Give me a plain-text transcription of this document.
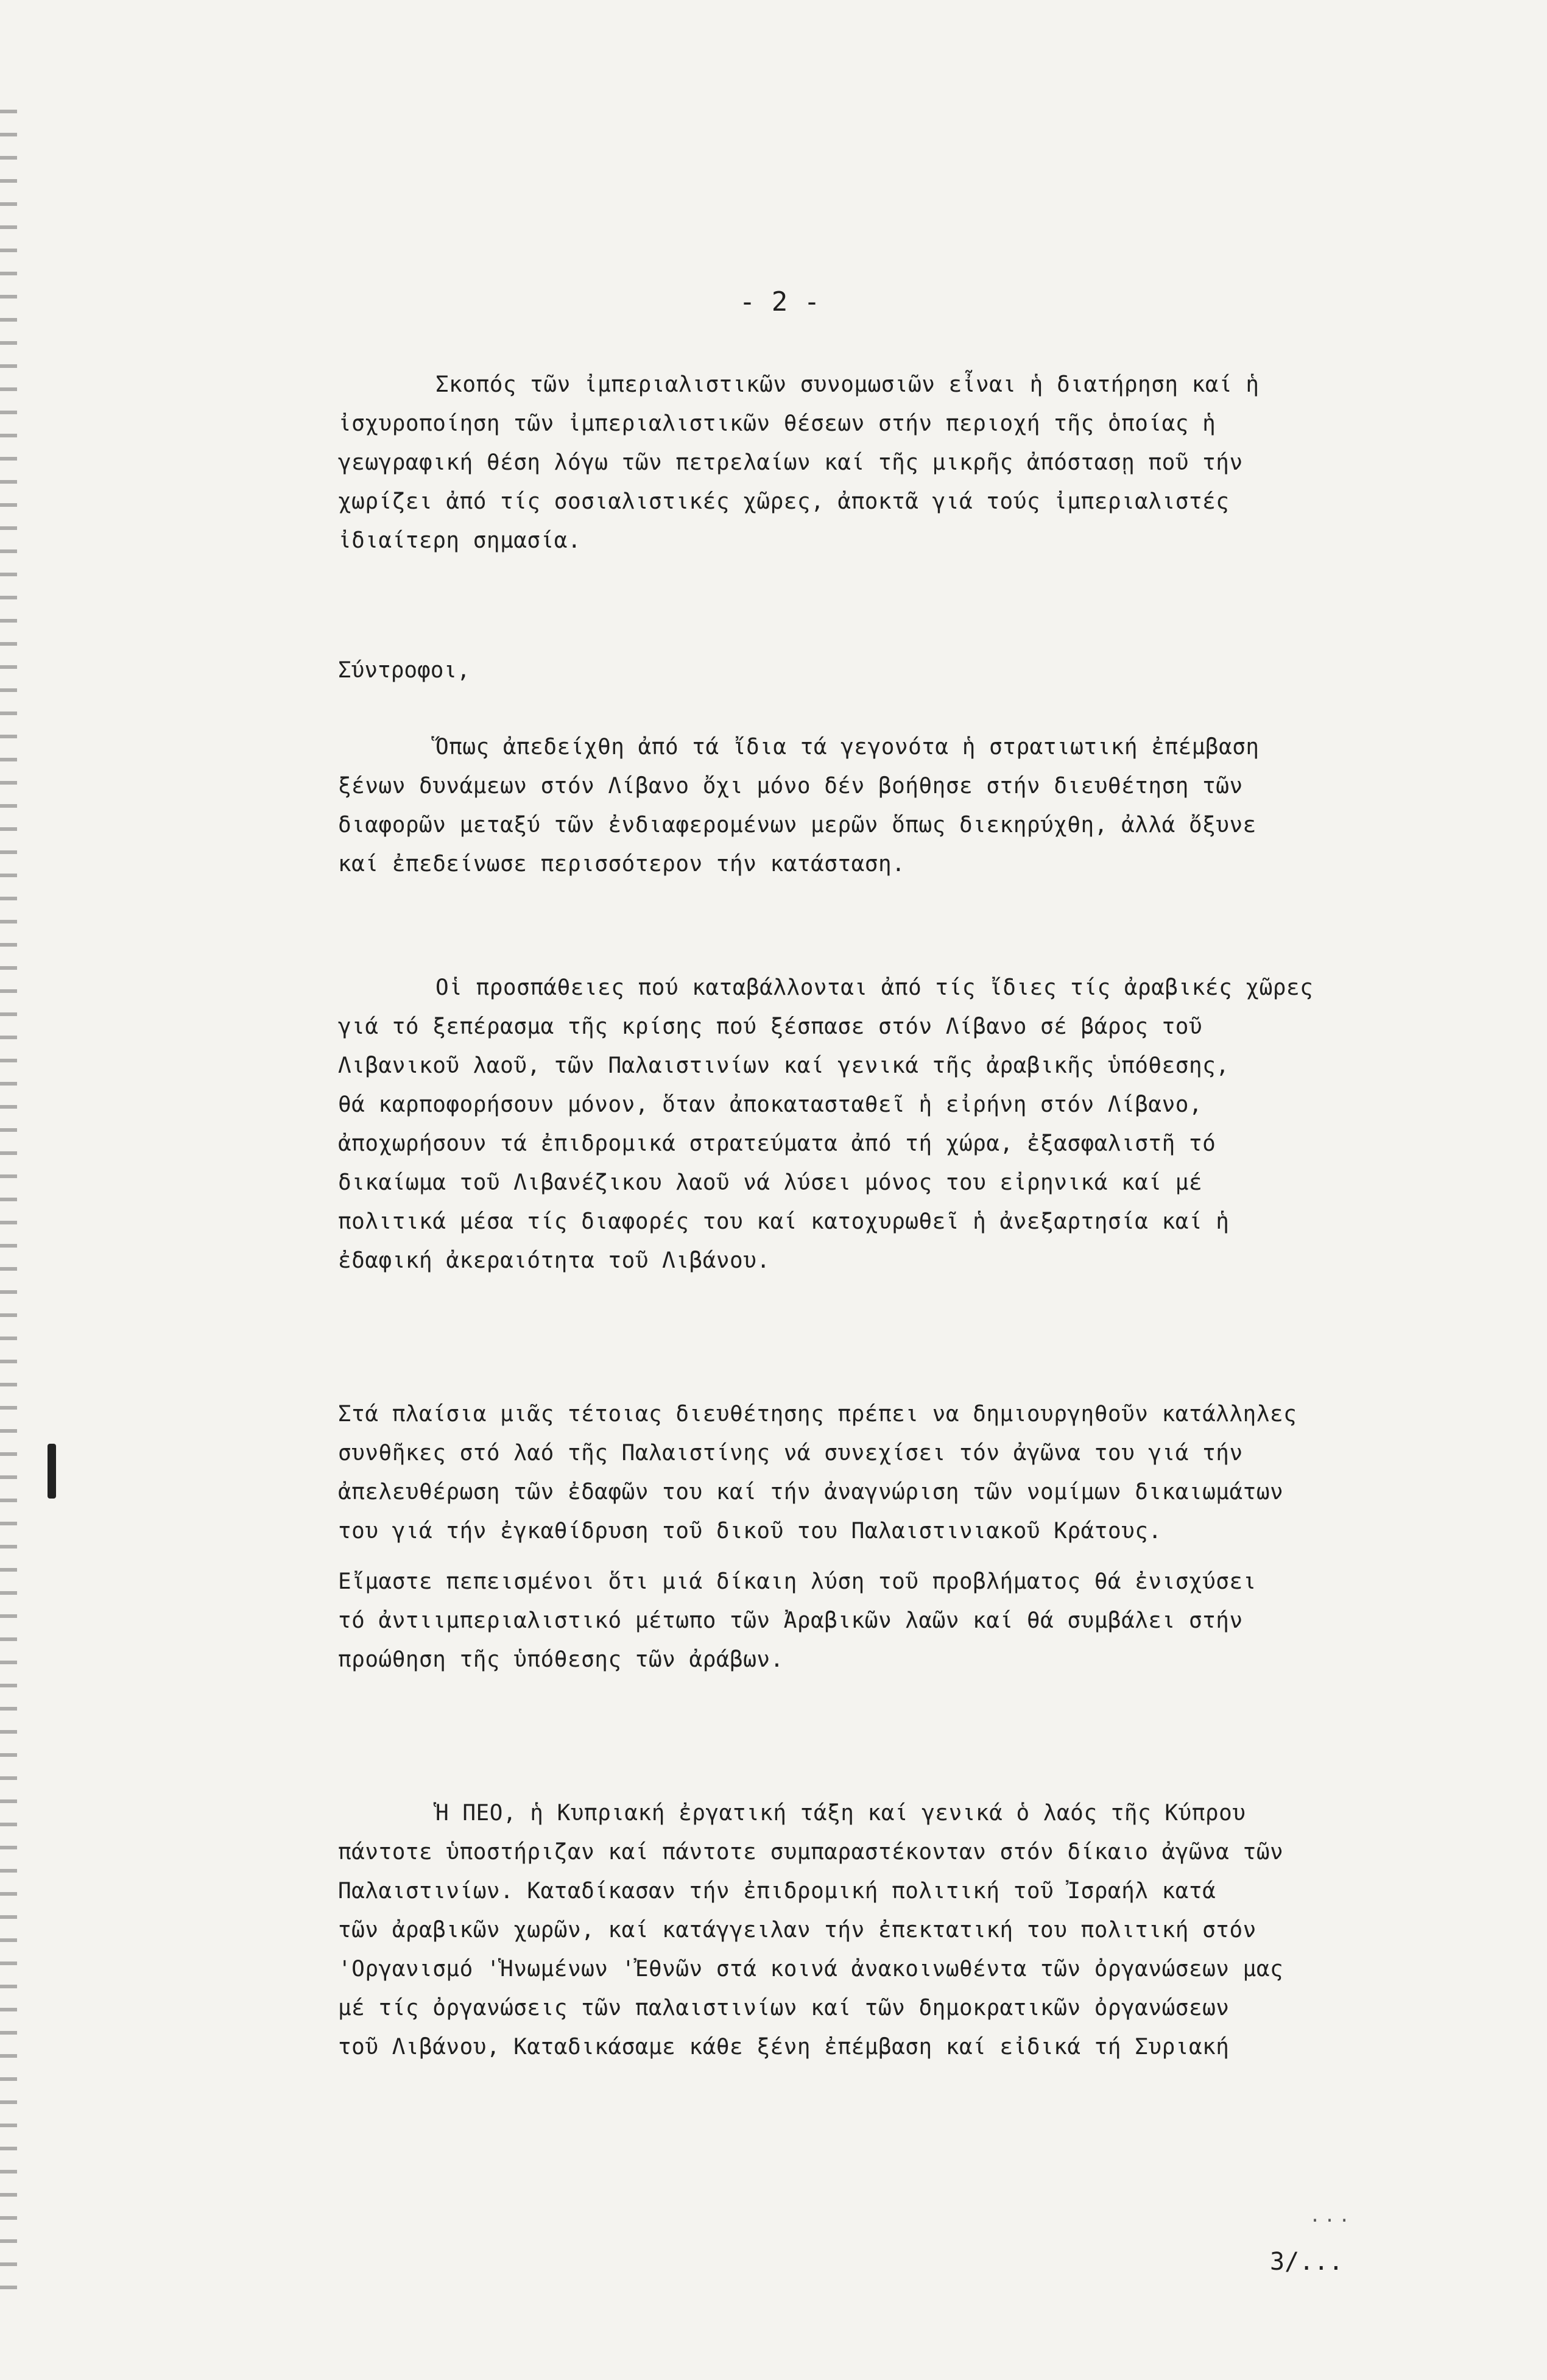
- 2 -
Σκοπός τῶν ἰμπεριαλιστικῶν συνομωσιῶν εἶναι ἡ διατήρηση καί ἡ
ἰσχυροποίηση τῶν ἰμπεριαλιστικῶν θέσεων στήν περιοχή τῆς ὁποίας ἡ
γεωγραφική θέση λόγω τῶν πετρελαίων καί τῆς μικρῆς ἀπόστασῃ ποῦ τήν
χωρίζει ἀπό τίς σοσιαλιστικές χῶρες, ἀποκτᾶ γιά τούς ἰμπεριαλιστές
ἰδιαίτερη σημασία.
Σύντροφοι,
Ὅπως ἀπεδείχθη ἀπό τά ἴδια τά γεγονότα ἡ στρατιωτική ἐπέμβαση
ξένων δυνάμεων στόν Λίβανο ὄχι μόνο δέν βοήθησε στήν διευθέτηση τῶν
διαφορῶν μεταξύ τῶν ἐνδιαφερομένων μερῶν ὅπως διεκηρύχθη, ἀλλά ὄξυνε
καί ἐπεδείνωσε περισσότερον τήν κατάσταση.
Οἱ προσπάθειες πού καταβάλλονται ἀπό τίς ἴδιες τίς ἀραβικές χῶρες
γιά τό ξεπέρασμα τῆς κρίσης πού ξέσπασε στόν Λίβανο σέ βάρος τοῦ
Λιβανικοῦ λαοῦ, τῶν Παλαιστινίων καί γενικά τῆς ἀραβικῆς ὑπόθεσης,
θά καρποφορήσουν μόνον, ὅταν ἀποκατασταθεῖ ἡ εἰρήνη στόν Λίβανο,
ἀποχωρήσουν τά ἐπιδρομικά στρατεύματα ἀπό τή χώρα, ἐξασφαλιστῆ τό
δικαίωμα τοῦ Λιβανέζικου λαοῦ νά λύσει μόνος του εἰρηνικά καί μέ
πολιτικά μέσα τίς διαφορές του καί κατοχυρωθεῖ ἡ ἀνεξαρτησία καί ἡ
ἐδαφική ἀκεραιότητα τοῦ Λιβάνου.
Στά πλαίσια μιᾶς τέτοιας διευθέτησης πρέπει να δημιουργηθοῦν κατάλληλες
συνθῆκες στό λαό τῆς Παλαιστίνης νά συνεχίσει τόν ἀγῶνα του γιά τήν
ἀπελευθέρωση τῶν ἐδαφῶν του καί τήν ἀναγνώριση τῶν νομίμων δικαιωμάτων
του γιά τήν ἐγκαθίδρυση τοῦ δικοῦ του Παλαιστινιακοῦ Κράτους.
Εἴμαστε πεπεισμένοι ὅτι μιά δίκαιη λύση τοῦ προβλήματος θά ἐνισχύσει
τό ἀντιιμπεριαλιστικό μέτωπο τῶν Ἀραβικῶν λαῶν καί θά συμβάλει στήν
προώθηση τῆς ὑπόθεσης τῶν ἀράβων.
Ἡ ΠΕΟ, ἡ Κυπριακή ἐργατική τάξη καί γενικά ὁ λαός τῆς Κύπρου
πάντοτε ὑποστήριζαν καί πάντοτε συμπαραστέκονταν στόν δίκαιο ἀγῶνα τῶν
Παλαιστινίων. Καταδίκασαν τήν ἐπιδρομική πολιτική τοῦ Ἰσραήλ κατά
τῶν ἀραβικῶν χωρῶν, καί κατάγγειλαν τήν ἐπεκτατική του πολιτική στόν
'Οργανισμό 'Ἡνωμένων 'Ἐθνῶν στά κοινά ἀνακοινωθέντα τῶν ὀργανώσεων μας
μέ τίς ὀργανώσεις τῶν παλαιστινίων καί τῶν δημοκρατικῶν ὀργανώσεων
τοῦ Λιβάνου, Καταδικάσαμε κάθε ξένη ἐπέμβαση καί εἰδικά τή Συριακή
...
3/...
